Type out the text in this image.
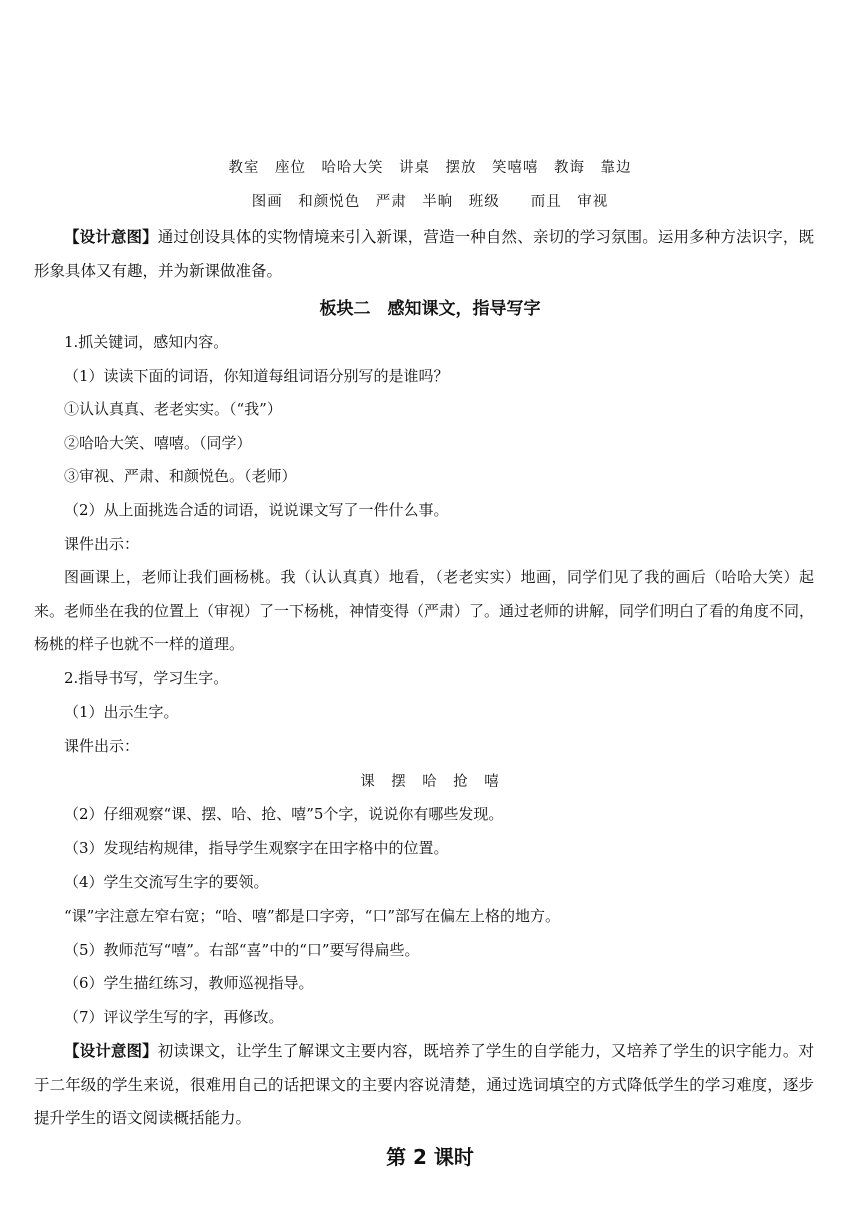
教室　座位　哈哈大笑　讲桌　摆放　笑嘻嘻　教诲　靠边
图画　和颜悦色　严肃　半晌　班级　　而且　审视
【设计意图】通过创设具体的实物情境来引入新课，营造一种自然、亲切的学习氛围。运用多种方法识字，既形象具体又有趣，并为新课做准备。
板块二　感知课文，指导写字
1.抓关键词，感知内容。
（1）读读下面的词语，你知道每组词语分别写的是谁吗？
①认认真真、老老实实。（“我”）
②哈哈大笑、嘻嘻。（同学）
③审视、严肃、和颜悦色。（老师）
（2）从上面挑选合适的词语，说说课文写了一件什么事。
课件出示：
图画课上，老师让我们画杨桃。我（认认真真）地看，（老老实实）地画，同学们见了我的画后（哈哈大笑）起来。老师坐在我的位置上（审视）了一下杨桃，神情变得（严肃）了。通过老师的讲解，同学们明白了看的角度不同，杨桃的样子也就不一样的道理。
2.指导书写，学习生字。
（1）出示生字。
课件出示：
课　摆　哈　抢　嘻
（2）仔细观察“课、摆、哈、抢、嘻”5个字，说说你有哪些发现。
（3）发现结构规律，指导学生观察字在田字格中的位置。
（4）学生交流写生字的要领。
“课”字注意左窄右宽；“哈、嘻”都是口字旁，“口”部写在偏左上格的地方。
（5）教师范写“嘻”。右部“喜”中的“口”要写得扁些。
（6）学生描红练习，教师巡视指导。
（7）评议学生写的字，再修改。
【设计意图】初读课文，让学生了解课文主要内容，既培养了学生的自学能力，又培养了学生的识字能力。对于二年级的学生来说，很难用自己的话把课文的主要内容说清楚，通过选词填空的方式降低学生的学习难度，逐步提升学生的语文阅读概括能力。
第 2 课时
